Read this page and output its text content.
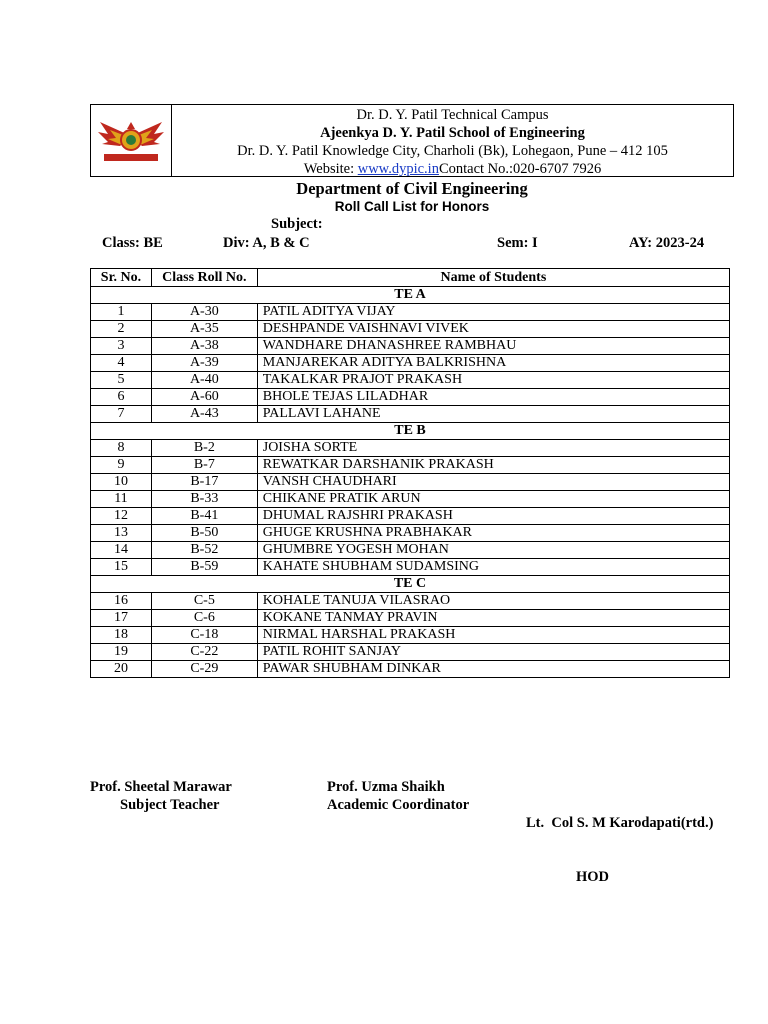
Dr. D. Y. Patil Technical Campus
Ajeenkya D. Y. Patil School of Engineering
Dr. D. Y. Patil Knowledge City, Charholi (Bk), Lohegaon, Pune – 412 105
Website: www.dypic.inContact No.:020-6707 7926
Department of Civil Engineering
Roll Call List for Honors
Subject:
Class: BE	Div: A, B & C	Sem: I	AY: 2023-24
Sr. No.	Class Roll No.	Name of Students
TE A		
1	A-30	PATIL ADITYA VIJAY
2	A-35	DESHPANDE VAISHNAVI VIVEK
3	A-38	WANDHARE DHANASHREE RAMBHAU
4	A-39	MANJAREKAR ADITYA BALKRISHNA
5	A-40	TAKALKAR PRAJOT PRAKASH
6	A-60	BHOLE TEJAS LILADHAR
7	A-43	PALLAVI LAHANE
TE B		
8	B-2	JOISHA SORTE
9	B-7	REWATKAR DARSHANIK PRAKASH
10	B-17	VANSH CHAUDHARI
11	B-33	CHIKANE PRATIK ARUN
12	B-41	DHUMAL RAJSHRI PRAKASH
13	B-50	GHUGE KRUSHNA PRABHAKAR
14	B-52	GHUMBRE YOGESH MOHAN
15	B-59	KAHATE SHUBHAM SUDAMSING
TE C		
16	C-5	KOHALE TANUJA VILASRAO
17	C-6	KOKANE TANMAY PRAVIN
18	C-18	NIRMAL HARSHAL PRAKASH
19	C-22	PATIL ROHIT SANJAY
20	C-29	PAWAR SHUBHAM DINKAR
Prof. Sheetal Marawar
Subject Teacher
Prof. Uzma Shaikh
Academic Coordinator

Lt.  Col S. M Karodapati(rtd.)

HOD
